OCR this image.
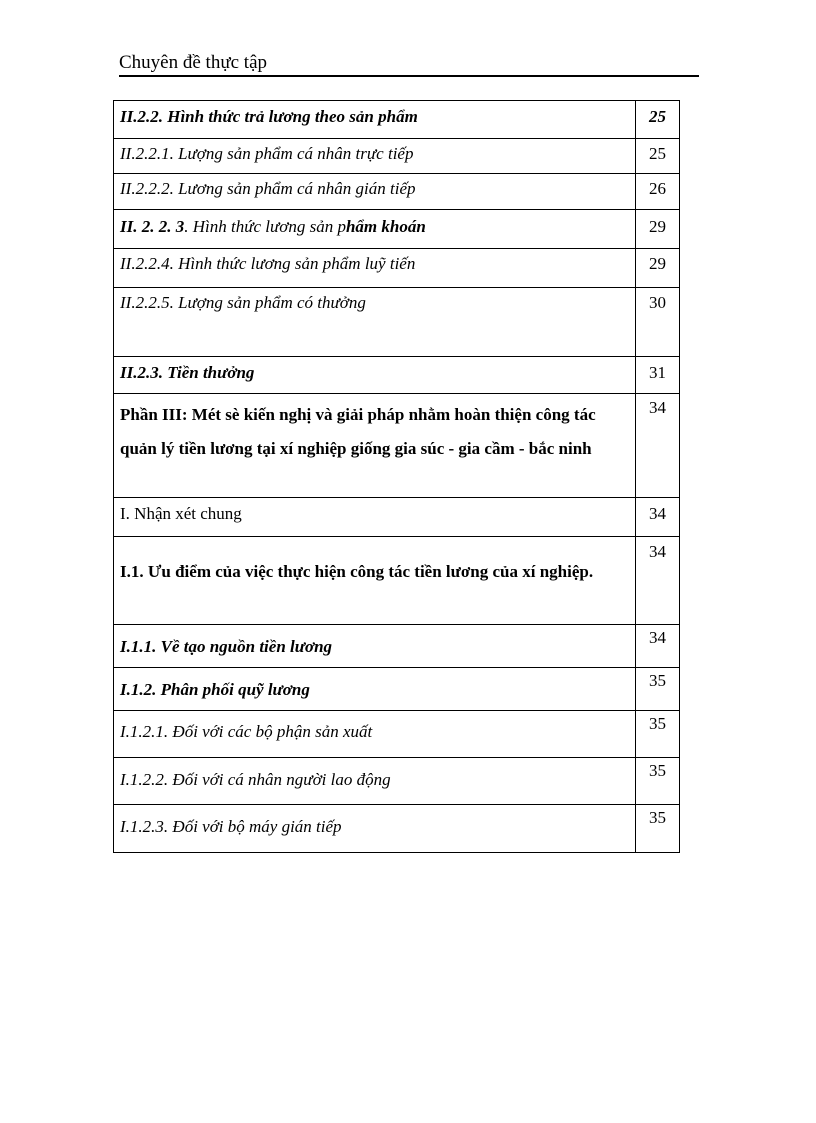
Chuyên đề thực tập
II.2.2. Hình thức trả lương theo sản phẩm	25
II.2.2.1. Lượng sản phẩm cá nhân trực tiếp	25
II.2.2.2. Lương sản phẩm cá nhân gián tiếp	26
II. 2. 2. 3. Hình thức lương sản phẩm khoán	29
II.2.2.4. Hình thức lương sản phẩm luỹ tiến	29
II.2.2.5. Lượng sản phẩm có thưởng	30
II.2.3. Tiền thưởng	31
Phần III: Mét sè kiến nghị và giải pháp nhằm hoàn thiện công tác quản lý tiền lương tại xí nghiệp giống gia súc - gia cầm - bắc ninh	34
I. Nhận xét chung	34
I.1. Ưu điểm của việc thực hiện công tác tiền lương của xí nghiệp.	34
I.1.1. Về tạo nguồn tiền lương	34
I.1.2. Phân phối quỹ lương	35
I.1.2.1. Đối với các bộ phận sản xuất	35
I.1.2.2. Đối với cá nhân người lao động	35
I.1.2.3. Đối với bộ máy gián tiếp	35
